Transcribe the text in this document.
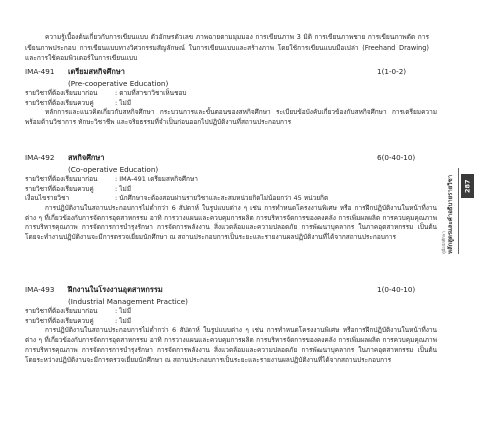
ความรู้เบื้องต้นเกี่ยวกับการเขียนแบบ ตัวอักษรตัวเลข ภาพฉายตามมุมมอง การเขียนภาพ 3 มิติ การเขียนภาพชาย การเขียนภาพตัด การเขียนภาพประกอบ การเขียนแบบทางวิศวกรรมสัญลักษณ์ ในการเขียนแบบและสร้างภาพ โดยใช้การเขียนแบบมือเปล่า (Freehand Drawing) และการใช้คอมพิวเตอร์ในการเขียนแบบ

IMA-491	เตรียมสหกิจศึกษา	1(1-0-2)
(Pre-cooperative Education)
รายวิชาที่ต้องเรียนมาก่อน	: ตามที่สาขาวิชาเห็นชอบ
รายวิชาที่ต้องเรียนควบคู่	: ไม่มี

หลักการและแนวคิดเกี่ยวกับสหกิจศึกษา กระบวนการและขั้นตอนของสหกิจศึกษา ระเบียบข้อบังคับเกี่ยวข้องกับสหกิจศึกษา การเตรียมความพร้อมด้านวิชาการ ทักษะวิชาชีพ และจริยธรรมที่จำเป็นก่อนออกไปปฏิบัติงานที่สถานประกอบการ

IMA-492	สหกิจศึกษา	6(0-40-10)
(Co-operative Education)
รายวิชาที่ต้องเรียนมาก่อน	: IMA-491 เตรียมสหกิจศึกษา
รายวิชาที่ต้องเรียนควบคู่	: ไม่มี
เงื่อนไขรายวิชา	: นักศึกษาจะต้องสอบผ่านรายวิชาและสะสมหน่วยกิตไม่น้อยกว่า 45 หน่วยกิต

การปฏิบัติงานในสถานประกอบการไม่ต่ำกว่า 6 สัปดาห์ ในรูปแบบต่าง ๆ เช่น การทำหนดโครงงานพิเศษ หรือ การฝึกปฏิบัติงานในหน้าที่งานต่าง ๆ ที่เกี่ยวข้องกับการจัดการอุตสาหกรรม อาทิ การวางแผนและควบคุมการผลิต การบริหารจัดการของคงคลัง การเพิ่มผลผลิต การควบคุมคุณภาพ การบริหารคุณภาพ การจัดการการบำรุงรักษา การจัดการพลังงาน สิ่งแวดล้อมและความปลอดภัย การพัฒนาบุคลากร ในภาคอุตสาหกรรม เป็นต้น โดยจะทำงานปฏิบัติงานจะมีการตรวจเยี่ยมนักศึกษา ณ สถานประกอบการเป็นระยะและรายงานผลปฏิบัติงานที่ได้จากสถานประกอบการ

IMA-493	ฝึกงานในโรงงานอุตสาหกรรม	1(0-40-10)
(Industrial Management Practice)
รายวิชาที่ต้องเรียนมาก่อน	: ไม่มี
รายวิชาที่ต้องเรียนควบคู่	: ไม่มี

การปฏิบัติงานในสถานประกอบการไม่ต่ำกว่า 6 สัปดาห์ ในรูปแบบต่าง ๆ เช่น การทำหนดโครงงานพิเศษ หรือการฝึกปฏิบัติงานในหน้าที่งานต่าง ๆ ที่เกี่ยวข้องกับการจัดการอุตสาหกรรม อาทิ การวางแผนและควบคุมการผลิต การบริหารจัดการของคงคลัง การเพิ่มผลผลิต การควบคุมคุณภาพ การบริหารคุณภาพ การจัดการการบำรุงรักษา การจัดการพลังงาน สิ่งแวดล้อมและความปลอดภัย การพัฒนาบุคลากร ในภาคอุตสาหกรรม เป็นต้น โดยระหว่างปฏิบัติงานจะมีการตรวจเยี่ยมนักศึกษา ณ สถานประกอบการเป็นระยะและรายงานผลปฏิบัติงานที่ได้จากสถานประกอบการ

หลักสูตรและคำอธิบายรายวิชา
คู่มือนักศึกษา
287
